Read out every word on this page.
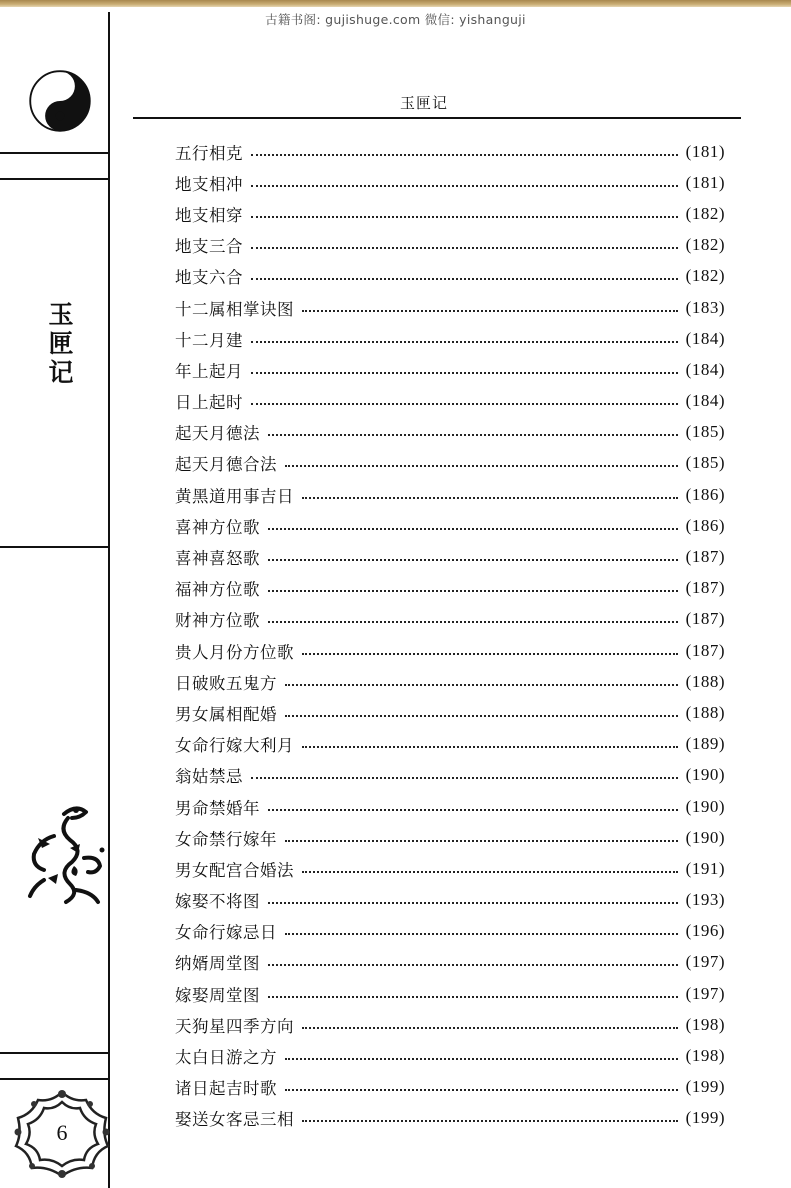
古籍书阁: gujishuge.com 微信: yishanguji
玉
匣
记
6
玉匣记
五行相克	(181)
地支相冲	(181)
地支相穿	(182)
地支三合	(182)
地支六合	(182)
十二属相掌诀图	(183)
十二月建	(184)
年上起月	(184)
日上起时	(184)
起天月德法	(185)
起天月德合法	(185)
黄黑道用事吉日	(186)
喜神方位歌	(186)
喜神喜怒歌	(187)
福神方位歌	(187)
财神方位歌	(187)
贵人月份方位歌	(187)
日破败五鬼方	(188)
男女属相配婚	(188)
女命行嫁大利月	(189)
翁姑禁忌	(190)
男命禁婚年	(190)
女命禁行嫁年	(190)
男女配宫合婚法	(191)
嫁娶不将图	(193)
女命行嫁忌日	(196)
纳婿周堂图	(197)
嫁娶周堂图	(197)
天狗星四季方向	(198)
太白日游之方	(198)
诸日起吉时歌	(199)
娶送女客忌三相	(199)
